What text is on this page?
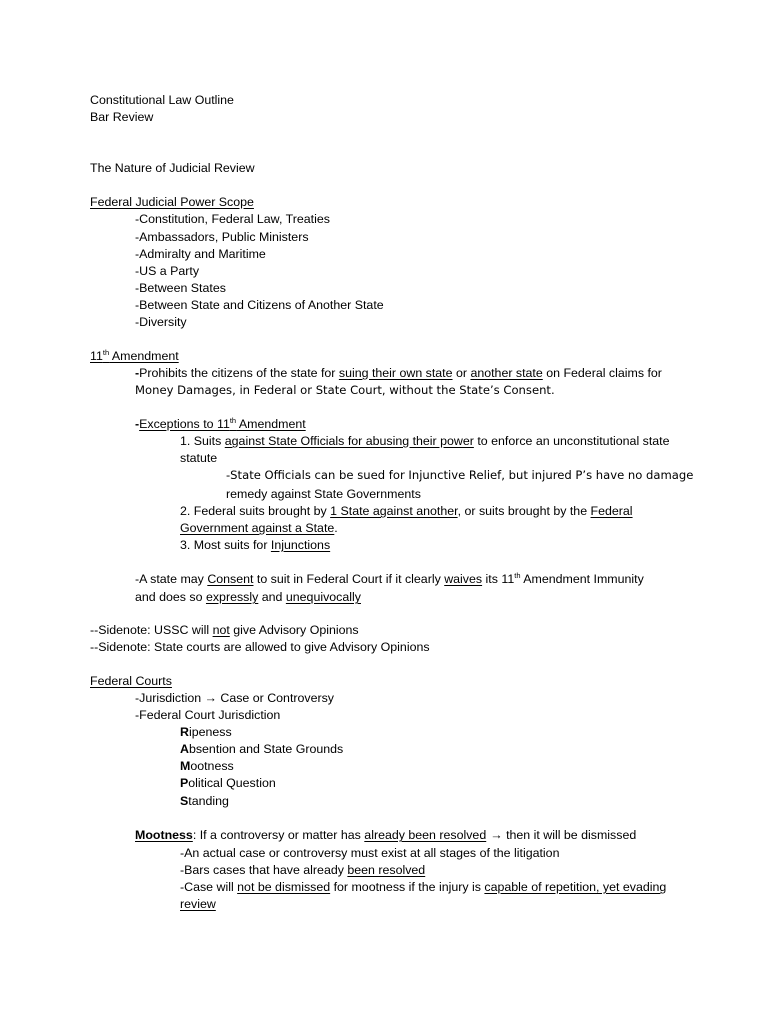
Constitutional Law Outline
Bar Review
The Nature of Judicial Review
Federal Judicial Power Scope
-Constitution, Federal Law, Treaties
-Ambassadors, Public Ministers
-Admiralty and Maritime
-US a Party
-Between States
-Between State and Citizens of Another State
-Diversity
11th Amendment
-Prohibits the citizens of the state for suing their own state or another state on Federal claims for
Money Damages, in Federal or State Court, without the State’s Consent.
-Exceptions to 11th Amendment
1. Suits against State Officials for abusing their power to enforce an unconstitutional state
statute
-State Officials can be sued for Injunctive Relief, but injured P’s have no damage
remedy against State Governments
2. Federal suits brought by 1 State against another, or suits brought by the Federal
Government against a State.
3. Most suits for Injunctions
-A state may Consent to suit in Federal Court if it clearly waives its 11th Amendment Immunity
and does so expressly and unequivocally
--Sidenote: USSC will not give Advisory Opinions
--Sidenote: State courts are allowed to give Advisory Opinions
Federal Courts
-Jurisdiction → Case or Controversy
-Federal Court Jurisdiction
Ripeness
Absention and State Grounds
Mootness
Political Question
Standing
Mootness: If a controversy or matter has already been resolved → then it will be dismissed
-An actual case or controversy must exist at all stages of the litigation
-Bars cases that have already been resolved
-Case will not be dismissed for mootness if the injury is capable of repetition, yet evading
review
